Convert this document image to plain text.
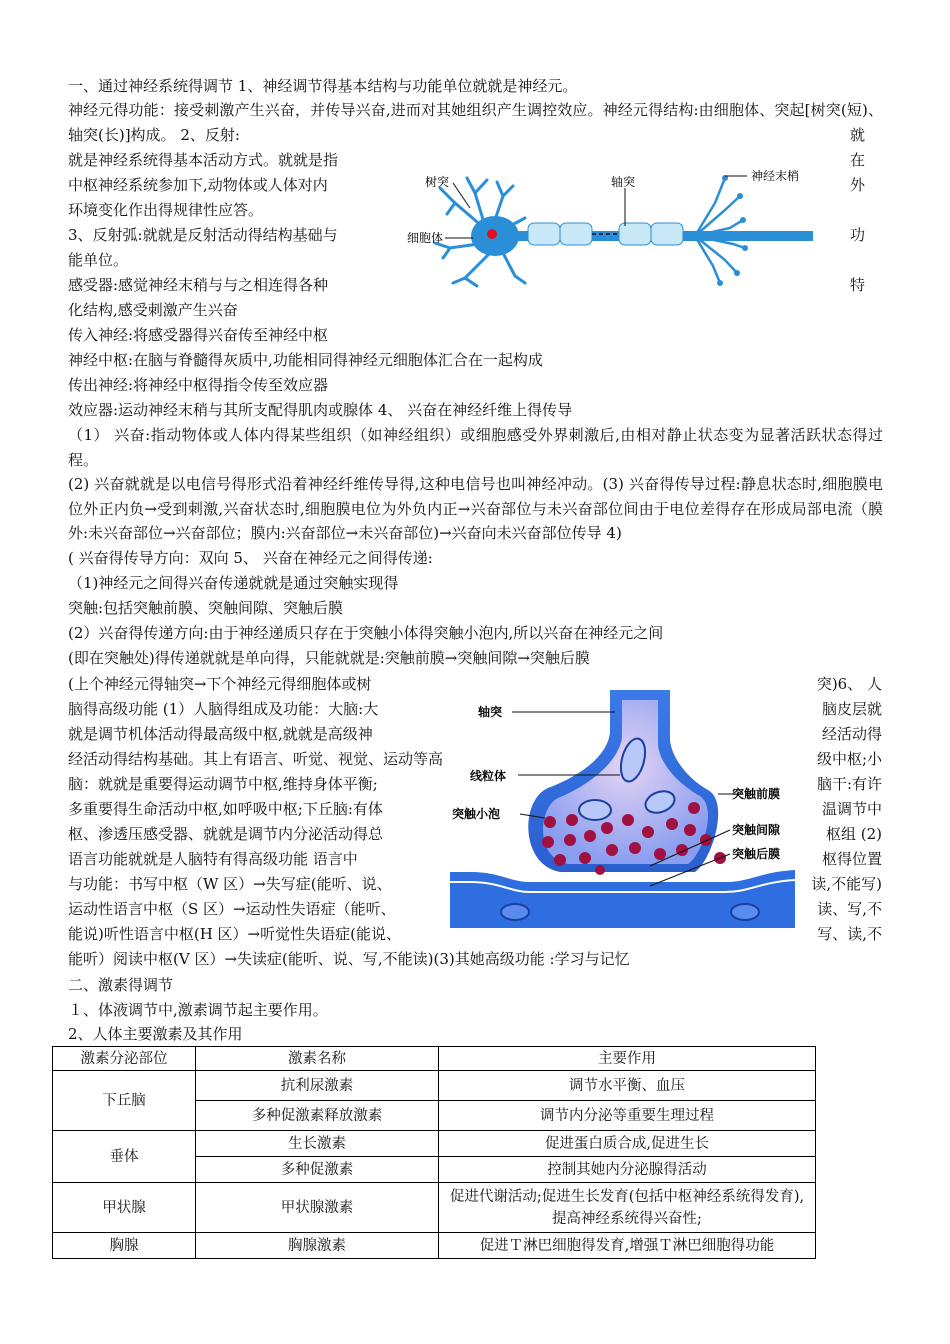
一、通过神经系统得调节 1、神经调节得基本结构与功能单位就就是神经元。
神经元得功能：接受刺激产生兴奋，并传导兴奋,进而对其她组织产生调控效应。神经元得结构:由细胞体、突起[树突(短)、轴突(长)]构成。 2、反射:	就
就是神经系统得基本活动方式。就就是指	在
中枢神经系统参加下,动物体或人体对内	外
环境变化作出得规律性应答。
3、反射弧:就就是反射活动得结构基础与	功
能单位。
感受器:感觉神经末稍与与之相连得各种	特
化结构,感受刺激产生兴奋
传入神经:将感受器得兴奋传至神经中枢
神经中枢:在脑与脊髓得灰质中,功能相同得神经元细胞体汇合在一起构成
传出神经:将神经中枢得指令传至效应器
效应器:运动神经末稍与其所支配得肌肉或腺体 4、 兴奋在神经纤维上得传导
（1） 兴奋:指动物体或人体内得某些组织（如神经组织）或细胞感受外界刺激后,由相对静止状态变为显著活跃状态得过程。
(2) 兴奋就就是以电信号得形式沿着神经纤维传导得,这种电信号也叫神经冲动。(3) 兴奋得传导过程:静息状态时,细胞膜电位外正内负→受到刺激,兴奋状态时,细胞膜电位为外负内正→兴奋部位与未兴奋部位间由于电位差得存在形成局部电流（膜外:未兴奋部位→兴奋部位；膜内:兴奋部位→未兴奋部位)→兴奋向未兴奋部位传导 4)
( 兴奋得传导方向：双向 5、 兴奋在神经元之间得传递:
（1)神经元之间得兴奋传递就就是通过突触实现得
突触:包括突触前膜、突触间隙、突触后膜
(2）兴奋得传递方向:由于神经递质只存在于突触小体得突触小泡内,所以兴奋在神经元之间
(即在突触处)得传递就就是单向得，只能就就是:突触前膜→突触间隙→突触后膜
(上个神经元得轴突→下个神经元得细胞体或树
脑得高级功能 (1）人脑得组成及功能：大脑:大
就是调节机体活动得最高级中枢,就就是高级神
经活动得结构基础。其上有语言、听觉、视觉、运动等高
脑：就就是重要得运动调节中枢,维持身体平衡;
多重要得生命活动中枢,如呼吸中枢;下丘脑:有体
枢、渗透压感受器、就就是调节内分泌活动得总
语言功能就就是人脑特有得高级功能 语言中
与功能：书写中枢（W 区）→失写症(能听、说、
运动性语言中枢（S 区）→运动性失语症（能听、
能说)听性语言中枢(H 区）→听觉性失语症(能说、
突)6、 人
脑皮层就
经活动得
级中枢;小
脑干:有许
温调节中
枢组 (2)
枢得位置
读,不能写)
读、写,不
写、读,不
能听）阅读中枢(V 区）→失读症(能听、说、写,不能读)(3)其她高级功能 :学习与记忆
二、激素得调节
１、体液调节中,激素调节起主要作用。
2、人体主要激素及其作用
树突	轴突	神经末梢
细胞体
轴突
线粒体
突触小泡
突触前膜
突触间隙
突触后膜
激素分泌部位	激素名称	主要作用
下丘脑	抗利尿激素	调节水平衡、血压
	多种促激素释放激素	调节内分泌等重要生理过程
垂体	生长激素	促进蛋白质合成,促进生长
	多种促激素	控制其她内分泌腺得活动
甲状腺	甲状腺激素	促进代谢活动;促进生长发育(包括中枢神经系统得发育),提高神经系统得兴奋性;
胸腺	胸腺激素	促进Ｔ淋巴细胞得发育,增强Ｔ淋巴细胞得功能
